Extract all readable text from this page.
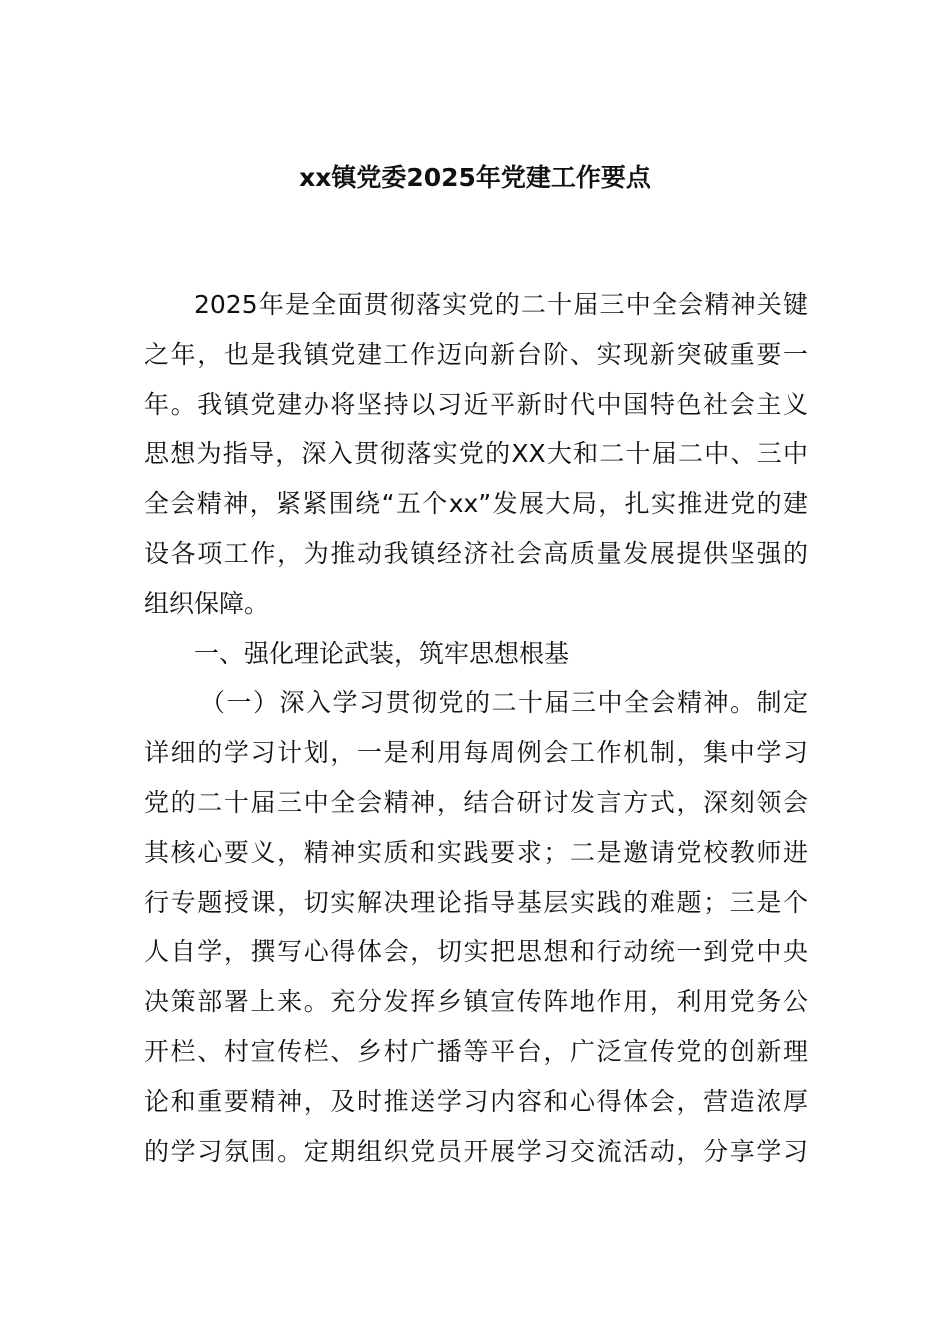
xx镇党委2025年党建工作要点
2025年是全面贯彻落实党的二十届三中全会精神关键
之年，也是我镇党建工作迈向新台阶、实现新突破重要一
年。我镇党建办将坚持以习近平新时代中国特色社会主义
思想为指导，深入贯彻落实党的XX大和二十届二中、三中
全会精神，紧紧围绕“五个xx”发展大局，扎实推进党的建
设各项工作，为推动我镇经济社会高质量发展提供坚强的
组织保障。
一、强化理论武装，筑牢思想根基
（一）深入学习贯彻党的二十届三中全会精神。制定
详细的学习计划，一是利用每周例会工作机制，集中学习
党的二十届三中全会精神，结合研讨发言方式，深刻领会
其核心要义，精神实质和实践要求；二是邀请党校教师进
行专题授课，切实解决理论指导基层实践的难题；三是个
人自学，撰写心得体会，切实把思想和行动统一到党中央
决策部署上来。充分发挥乡镇宣传阵地作用，利用党务公
开栏、村宣传栏、乡村广播等平台，广泛宣传党的创新理
论和重要精神，及时推送学习内容和心得体会，营造浓厚
的学习氛围。定期组织党员开展学习交流活动，分享学习
